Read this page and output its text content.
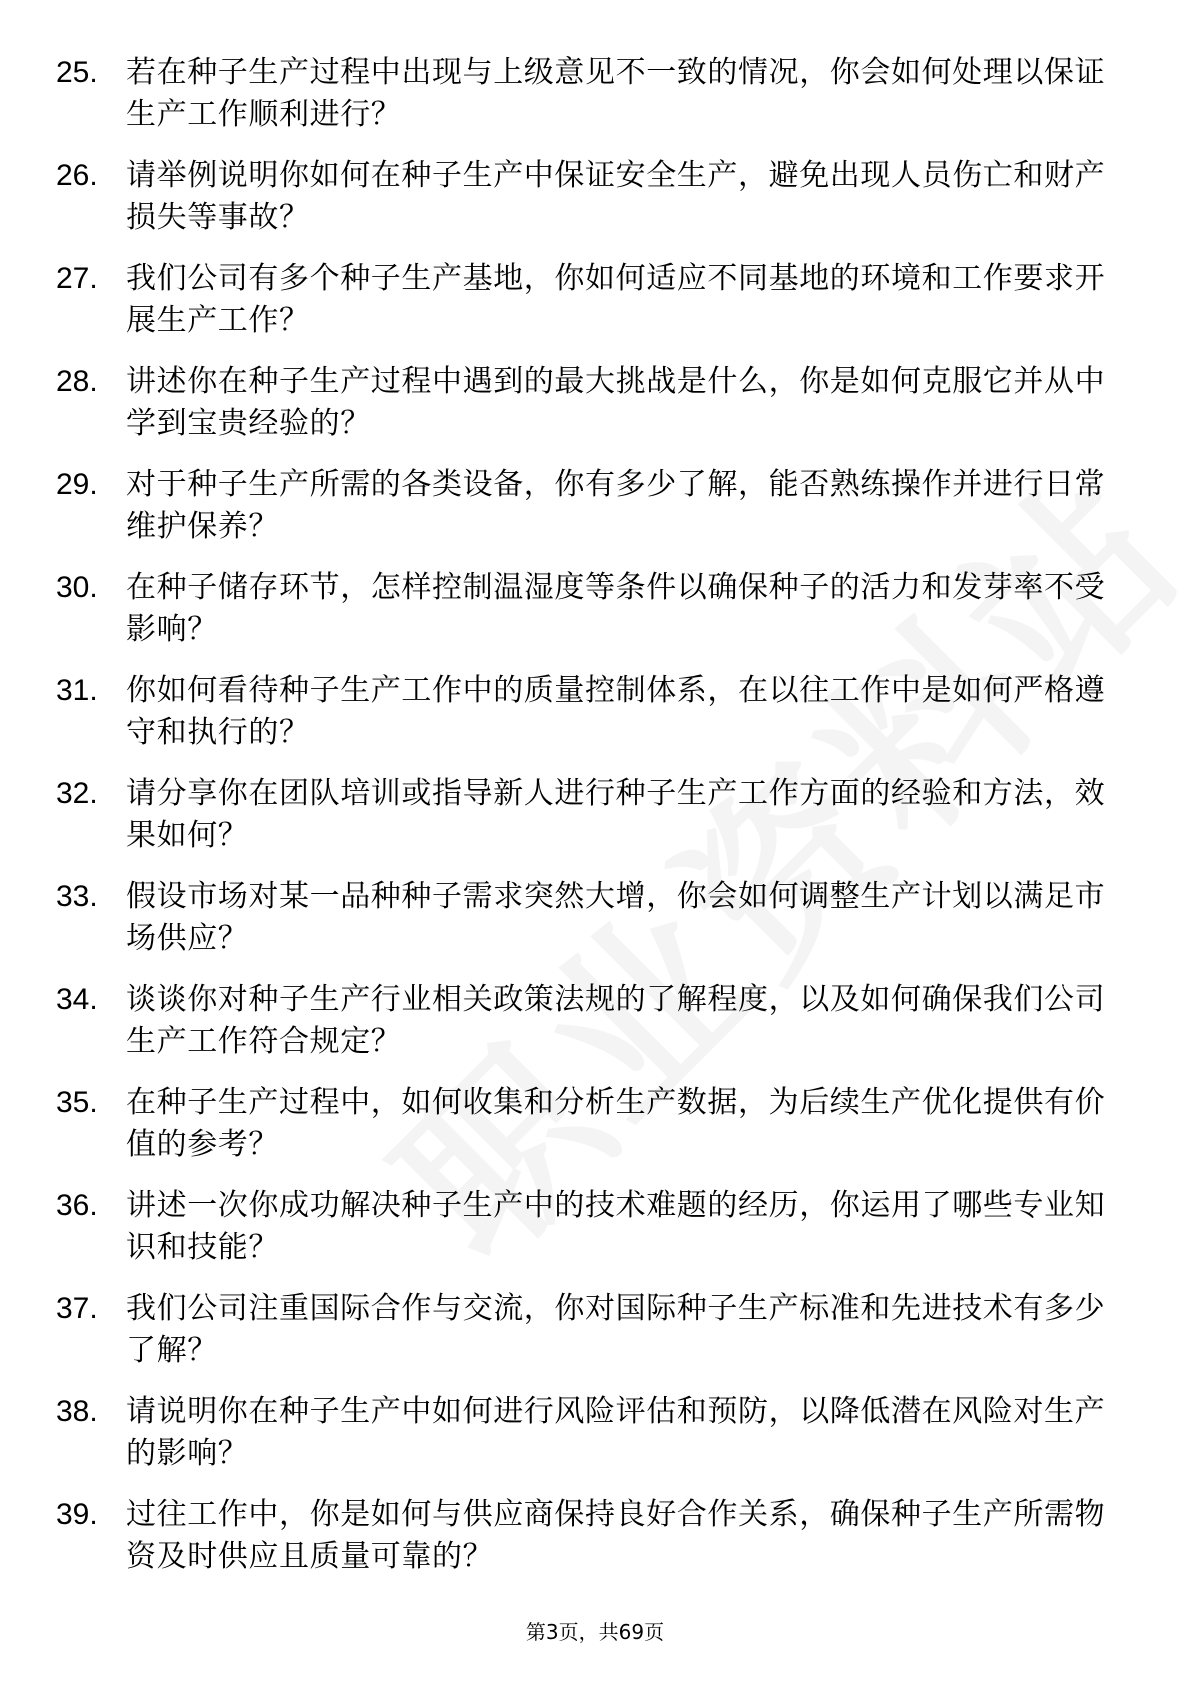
25. 若在种子生产过程中出现与上级意见不一致的情况，你会如何处理以保证生产工作顺利进行？
26. 请举例说明你如何在种子生产中保证安全生产，避免出现人员伤亡和财产损失等事故？
27. 我们公司有多个种子生产基地，你如何适应不同基地的环境和工作要求开展生产工作？
28. 讲述你在种子生产过程中遇到的最大挑战是什么，你是如何克服它并从中学到宝贵经验的？
29. 对于种子生产所需的各类设备，你有多少了解，能否熟练操作并进行日常维护保养？
30. 在种子储存环节，怎样控制温湿度等条件以确保种子的活力和发芽率不受影响？
31. 你如何看待种子生产工作中的质量控制体系，在以往工作中是如何严格遵守和执行的？
32. 请分享你在团队培训或指导新人进行种子生产工作方面的经验和方法，效果如何？
33. 假设市场对某一品种种子需求突然大增，你会如何调整生产计划以满足市场供应？
34. 谈谈你对种子生产行业相关政策法规的了解程度，以及如何确保我们公司生产工作符合规定？
35. 在种子生产过程中，如何收集和分析生产数据，为后续生产优化提供有价值的参考？
36. 讲述一次你成功解决种子生产中的技术难题的经历，你运用了哪些专业知识和技能？
37. 我们公司注重国际合作与交流，你对国际种子生产标准和先进技术有多少了解？
38. 请说明你在种子生产中如何进行风险评估和预防，以降低潜在风险对生产的影响？
39. 过往工作中，你是如何与供应商保持良好合作关系，确保种子生产所需物资及时供应且质量可靠的？
第3页，共69页
